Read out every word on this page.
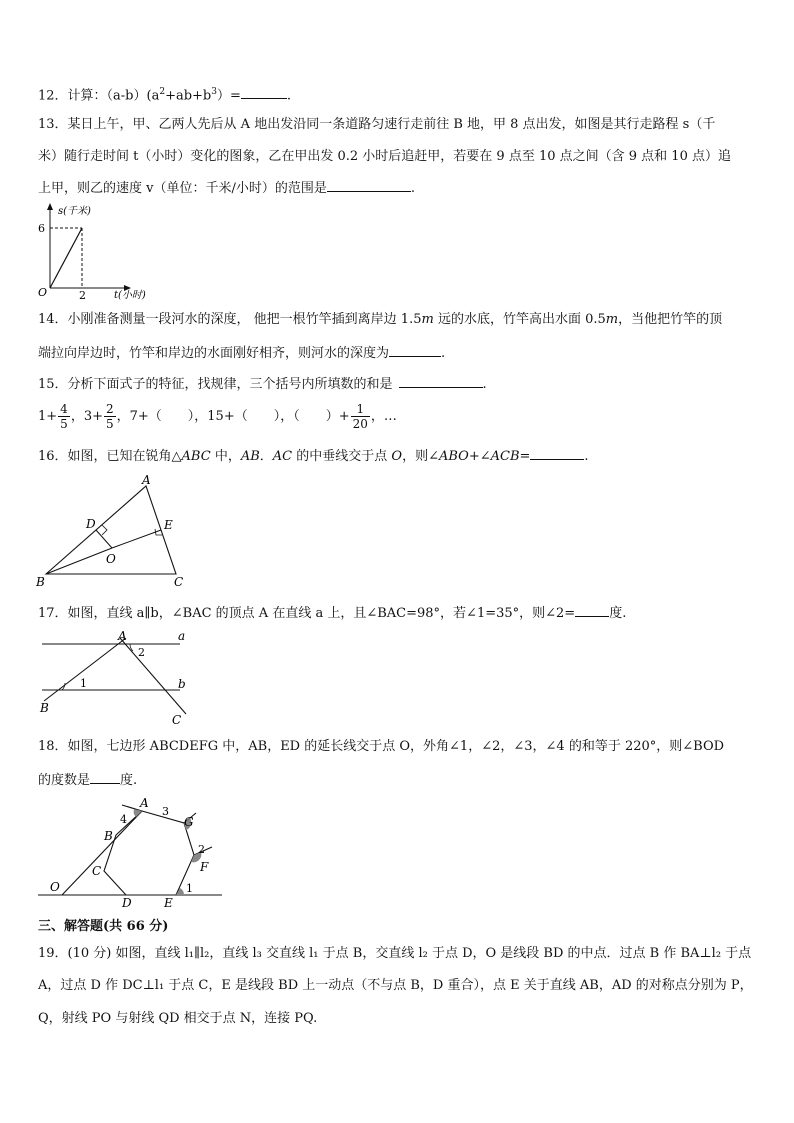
12．计算：$(a-b)(a^2+ab+b^3)=$	.
13．某日上午，甲、乙两人先后从 A 地出发沿同一条道路匀速行走前往 B 地，甲 8 点出发，如图是其行走路程 s（千
米）随行走时间 t（小时）变化的图象，乙在甲出发 0.2 小时后追赶甲，若要在 9 点至 10 点之间（含 9 点和 10 点）追
上甲，则乙的速度 v（单位：千米/小时）的范围是	.
s(千米)
t(小时)
6
2
O
14．小刚准备测量一段河水的深度， 他把一根竹竿插到离岸边 1.5m 远的水底，竹竿高出水面 0.5m，当他把竹竿的顶
端拉向岸边时，竹竿和岸边的水面刚好相齐，则河水的深度为	.
15．分析下面式子的特征，找规律，三个括号内所填数的和是	.
$1+ \frac{4}{5}$ ，$3+ \frac{2}{5}$ ，7+（　　），15+（　　），（　　）+ $\frac{1}{20}$ ，…
16．如图，已知在锐角△ABC 中，AB．AC 的中垂线交于点 O，则∠ABO+∠ACB=	.
A
B	C
D	E
O
17．如图，直线 a∥b，∠BAC 的顶点 A 在直线 a 上，且∠BAC=98°，若∠1=35°，则∠2=	度.
A	a
b
B
C
1
2
18．如图，七边形 ABCDEFG 中，AB，ED 的延长线交于点 O，外角∠1，∠2，∠3，∠4 的和等于 220°，则∠BOD
的度数是 度.
A
B
C
D	E
F
G
O	1
2
3
4
三、解答题(共 66 分)
19．(10 分) 如图，直线 l₁∥l₂，直线 l₃ 交直线 l₁ 于点 B，交直线 l₂ 于点 D，O 是线段 BD 的中点．过点 B 作 BA⊥l₂ 于点
A，过点 D 作 DC⊥l₁ 于点 C，E 是线段 BD 上一动点（不与点 B，D 重合），点 E 关于直线 AB，AD 的对称点分别为 P，
Q，射线 PO 与射线 QD 相交于点 N，连接 PQ.
